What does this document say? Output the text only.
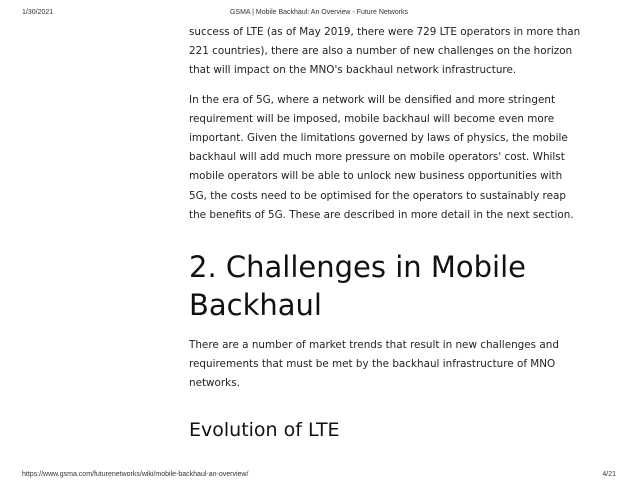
1/30/2021	GSMA | Mobile Backhaul: An Overview - Future Networks

success of LTE (as of May 2019, there were 729 LTE operators in more than
221 countries), there are also a number of new challenges on the horizon
that will impact on the MNO's backhaul network infrastructure.

In the era of 5G, where a network will be densified and more stringent
requirement will be imposed, mobile backhaul will become even more
important. Given the limitations governed by laws of physics, the mobile
backhaul will add much more pressure on mobile operators' cost. Whilst
mobile operators will be able to unlock new business opportunities with
5G, the costs need to be optimised for the operators to sustainably reap
the benefits of 5G. These are described in more detail in the next section.

2. Challenges in Mobile
Backhaul

There are a number of market trends that result in new challenges and
requirements that must be met by the backhaul infrastructure of MNO
networks.

Evolution of LTE
https://www.gsma.com/futurenetworks/wiki/mobile-backhaul-an-overview/	4/21
